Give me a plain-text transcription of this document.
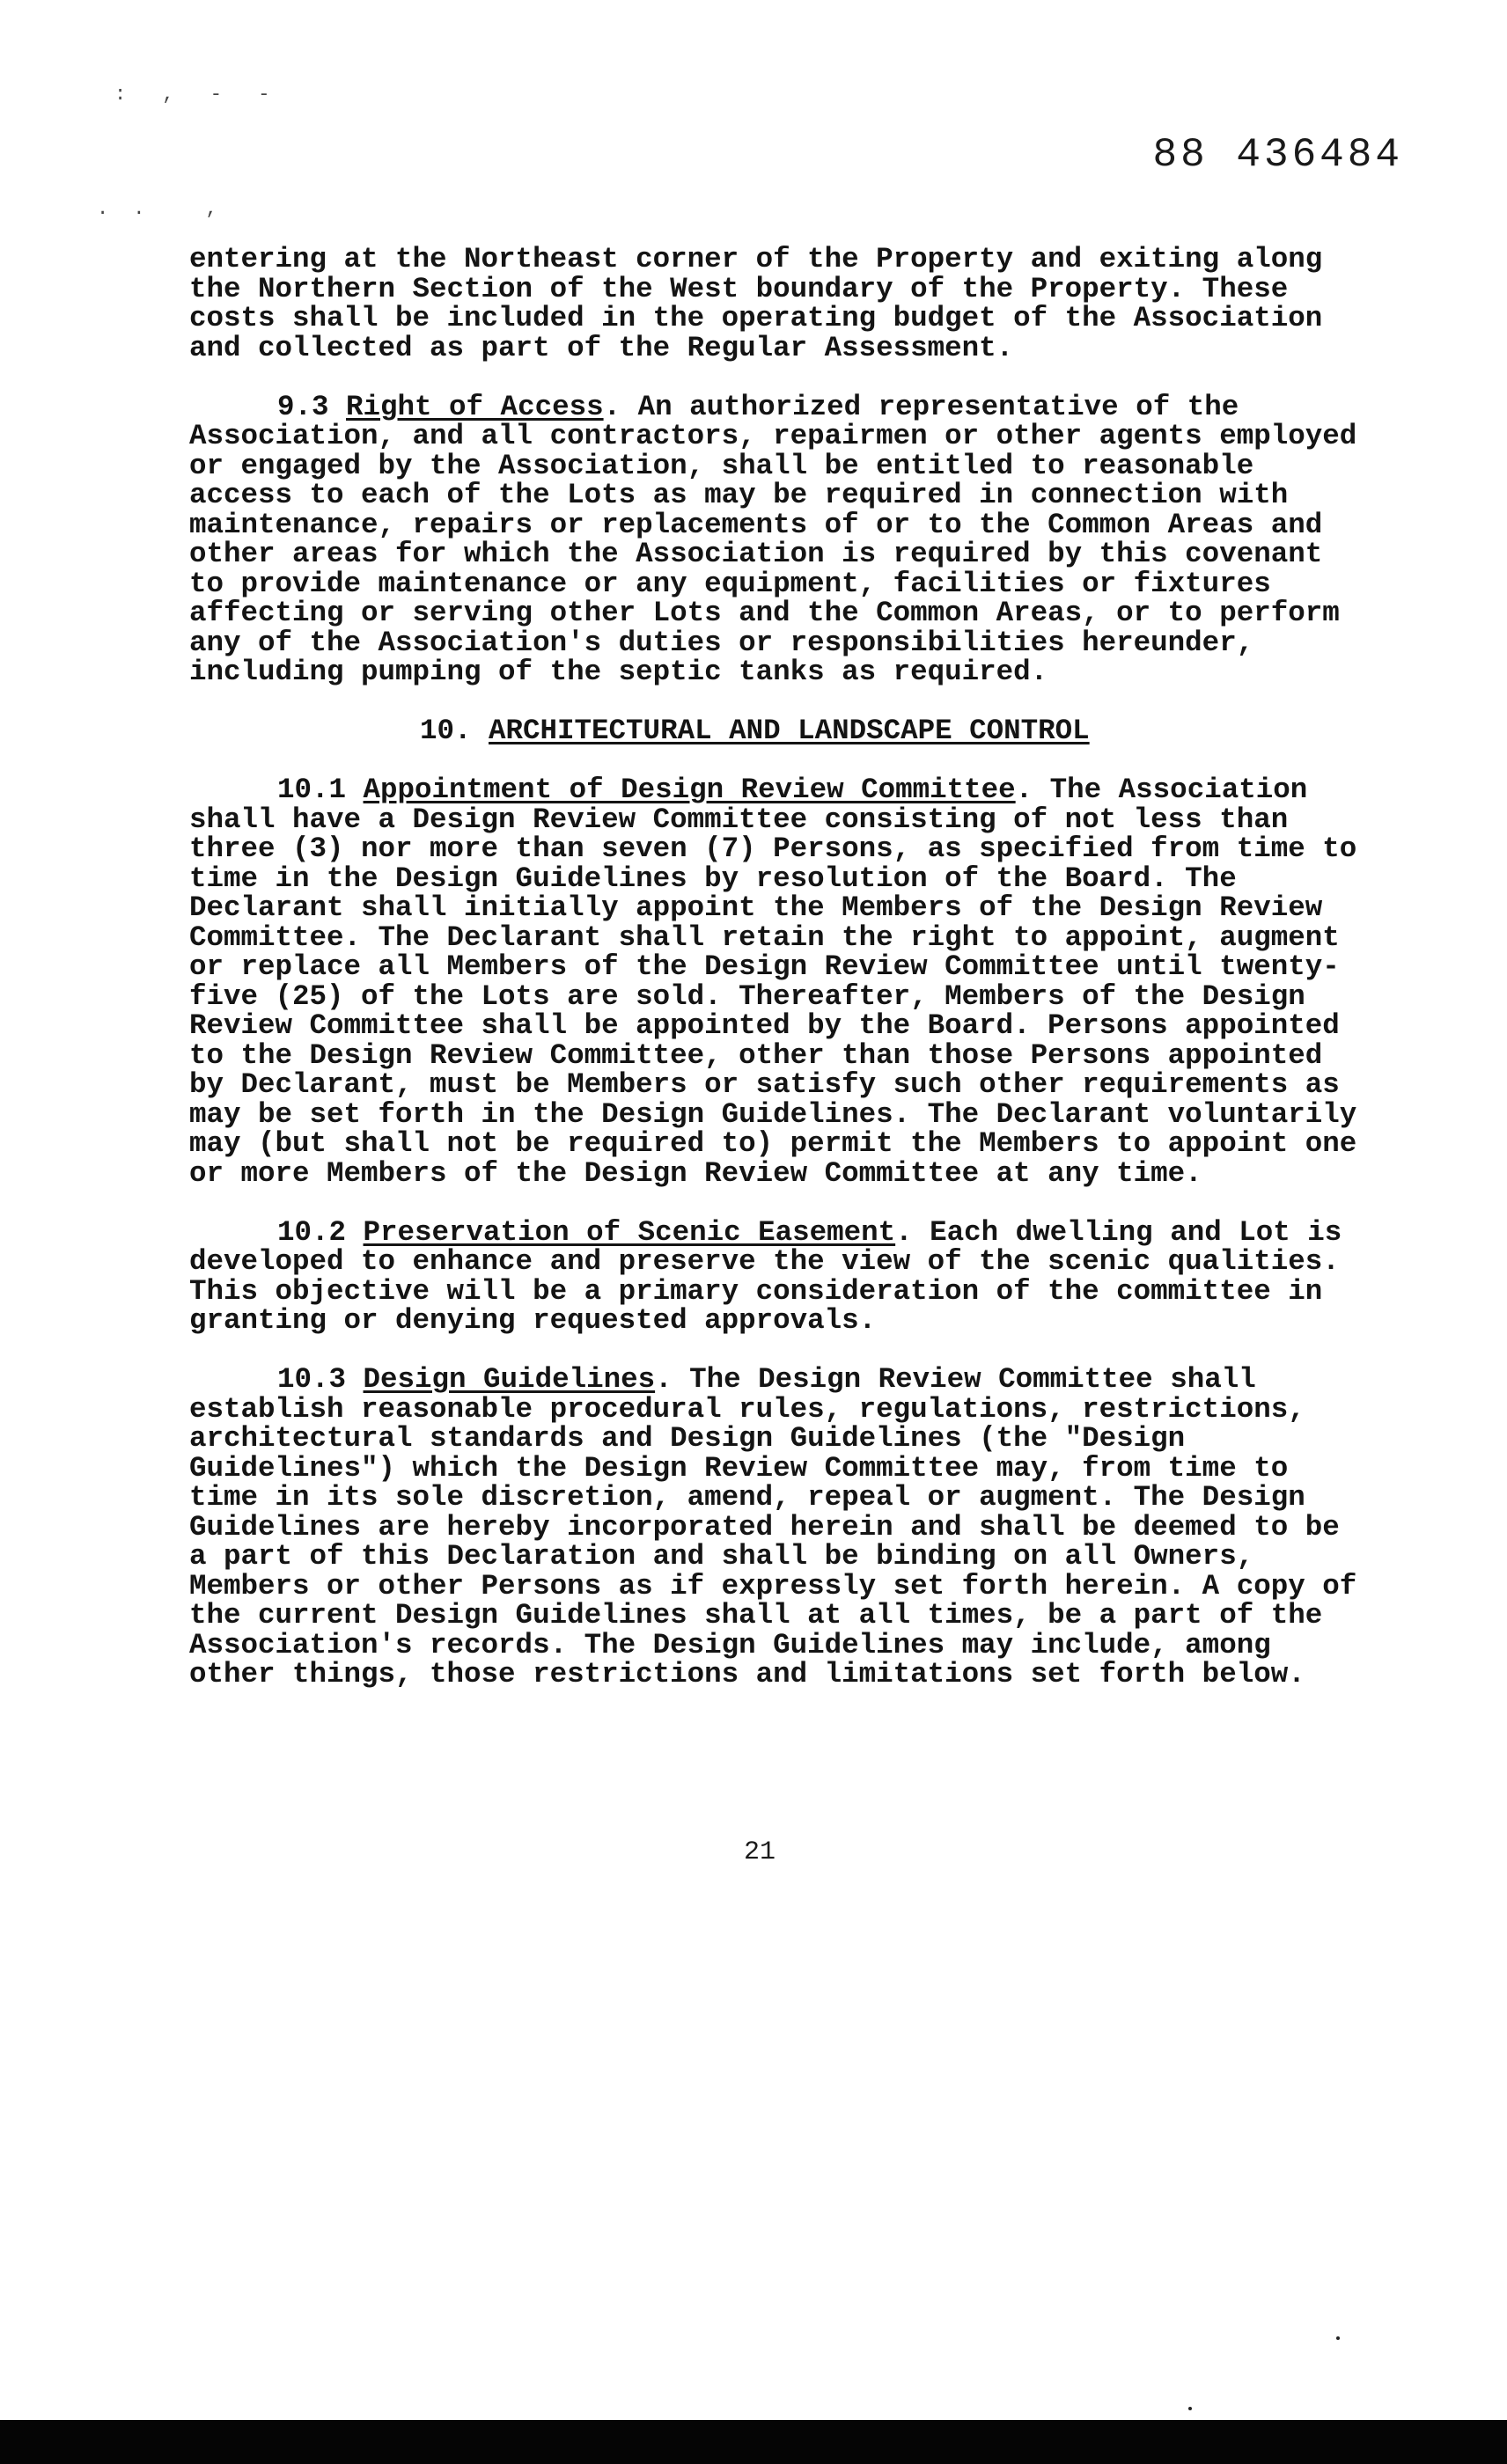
: , - -
.. ,
88 436484

entering at the Northeast corner of the Property and exiting along the Northern Section of the West boundary of the Property. These costs shall be included in the operating budget of the Association and collected as part of the Regular Assessment.

9.3 Right of Access. An authorized representative of the Association, and all contractors, repairmen or other agents employed or engaged by the Association, shall be entitled to reasonable access to each of the Lots as may be required in connection with maintenance, repairs or replacements of or to the Common Areas and other areas for which the Association is required by this covenant to provide maintenance or any equipment, facilities or fixtures affecting or serving other Lots and the Common Areas, or to perform any of the Association's duties or responsibilities hereunder, including pumping of the septic tanks as required.

10. ARCHITECTURAL AND LANDSCAPE CONTROL

10.1 Appointment of Design Review Committee. The Association shall have a Design Review Committee consisting of not less than three (3) nor more than seven (7) Persons, as specified from time to time in the Design Guidelines by resolution of the Board. The Declarant shall initially appoint the Members of the Design Review Committee. The Declarant shall retain the right to appoint, augment or replace all Members of the Design Review Committee until twenty-five (25) of the Lots are sold. Thereafter, Members of the Design Review Committee shall be appointed by the Board. Persons appointed to the Design Review Committee, other than those Persons appointed by Declarant, must be Members or satisfy such other requirements as may be set forth in the Design Guidelines. The Declarant voluntarily may (but shall not be required to) permit the Members to appoint one or more Members of the Design Review Committee at any time.

10.2 Preservation of Scenic Easement. Each dwelling and Lot is developed to enhance and preserve the view of the scenic qualities. This objective will be a primary consideration of the committee in granting or denying requested approvals.

10.3 Design Guidelines. The Design Review Committee shall establish reasonable procedural rules, regulations, restrictions, architectural standards and Design Guidelines (the "Design Guidelines") which the Design Review Committee may, from time to time in its sole discretion, amend, repeal or augment. The Design Guidelines are hereby incorporated herein and shall be deemed to be a part of this Declaration and shall be binding on all Owners, Members or other Persons as if expressly set forth herein. A copy of the current Design Guidelines shall at all times, be a part of the Association's records. The Design Guidelines may include, among other things, those restrictions and limitations set forth below.

21
